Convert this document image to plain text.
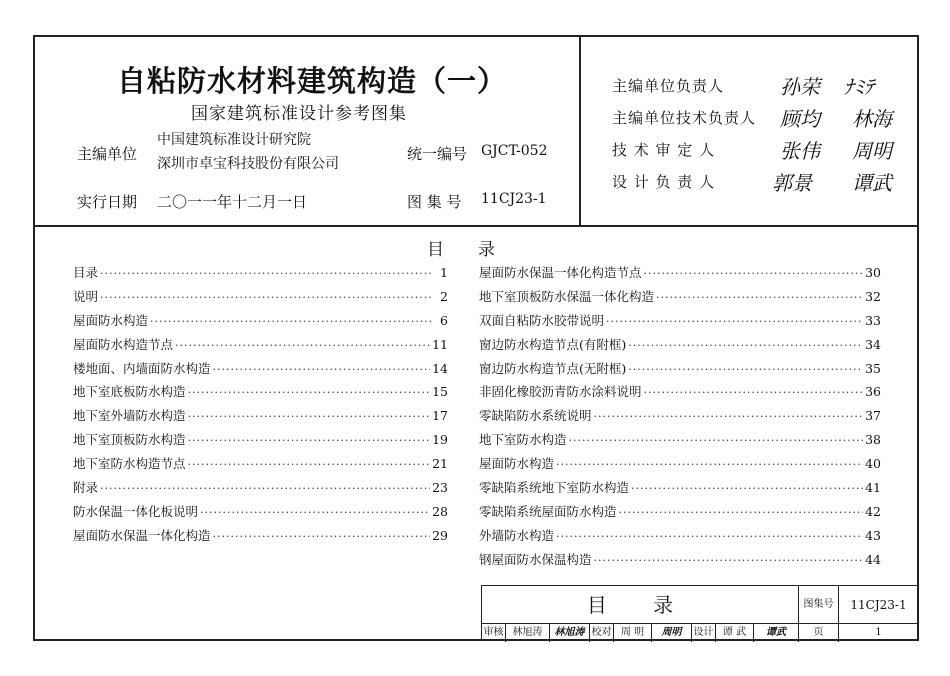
自粘防水材料建筑构造（一）
国家建筑标准设计参考图集
主编单位
中国建筑标准设计研究院
深圳市卓宝科技股份有限公司
统一编号 GJCT-052
实行日期 二〇一一年十二月一日	图 集 号 11CJ23-1
主编单位负责人	孙荣 ﾅﾐﾃ
主编单位技术负责人 顾均 林海
技 术 审 定 人	张伟 周明
设 计 负 责 人	郭景 谭武
目　　录
目录 ·····	1
说明 ·····	2
屋面防水构造 ·····	6
屋面防水构造节点 ·····	11
楼地面、内墙面防水构造 ·····	14
地下室底板防水构造 ·····	15
地下室外墙防水构造 ·····	17
地下室顶板防水构造 ·····	19
地下室防水构造节点 ·····	21
附录 ·····	23
防水保温一体化板说明 ·····	28
屋面防水保温一体化构造 ·····	29
屋面防水保温一体化构造节点 ·····	30
地下室顶板防水保温一体化构造 ·····	32
双面自粘防水胶带说明 ·····	33
窗边防水构造节点(有附框) ·····	34
窗边防水构造节点(无附框) ·····	35
非固化橡胶沥青防水涂料说明 ·····	36
零缺陷防水系统说明 ·····	37
地下室防水构造 ·····	38
屋面防水构造 ·····	40
零缺陷系统地下室防水构造 ·····	41
零缺陷系统屋面防水构造 ·····	42
外墙防水构造 ·····	43
钢屋面防水保温构造 ·····	44
目 录	图集号	11CJ23-1
审核 林旭涛	林旭涛 校对 周 明	周明	设计 谭 武	谭武	页	1
